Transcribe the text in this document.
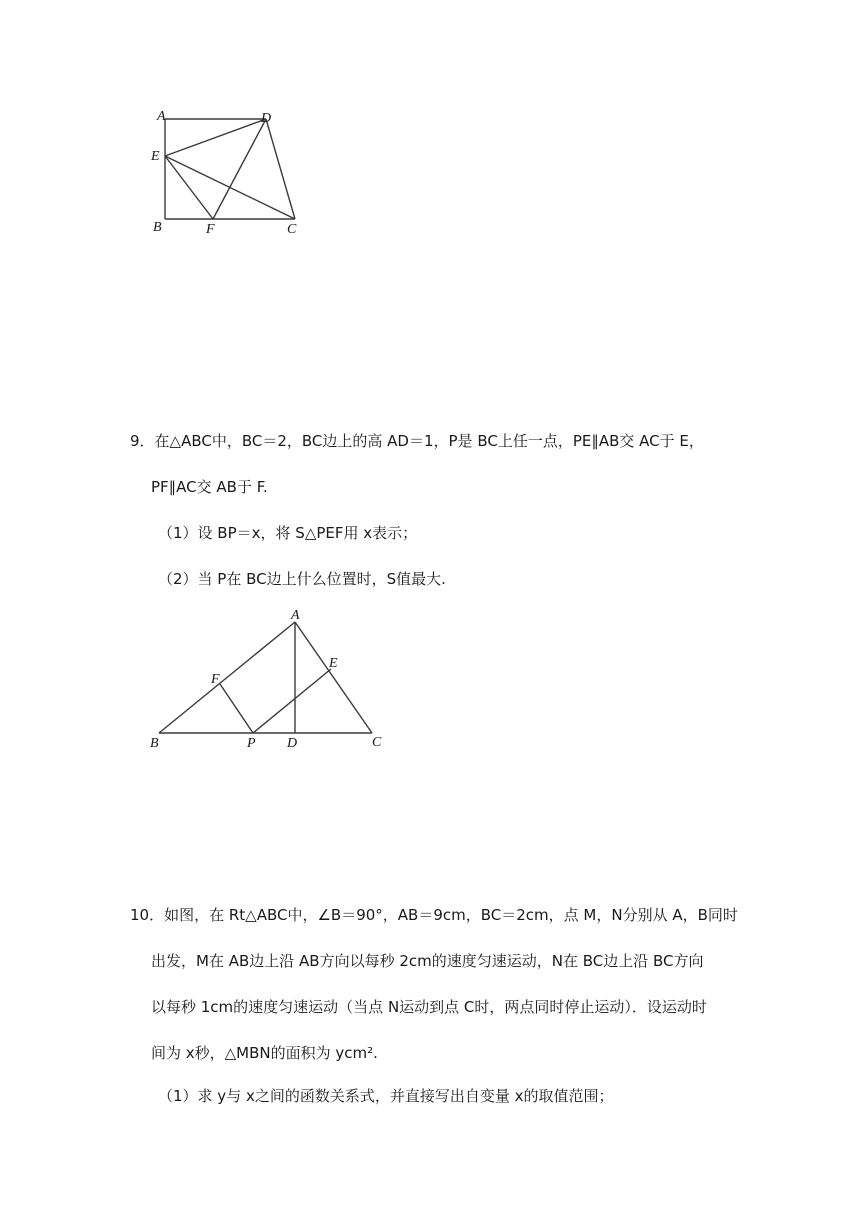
A	D
E
B	F	C
9．在△ABC中，BC＝2，BC边上的高 AD＝1，P是 BC上任一点，PE∥AB交 AC于 E，
PF∥AC交 AB于 F.
（1）设 BP＝x，将 S△PEF用 x表示；
（2）当 P在 BC边上什么位置时，S值最大.
A
F
E
B	P D	C
10．如图，在 Rt△ABC中，∠B＝90°，AB＝9cm，BC＝2cm，点 M，N分别从 A，B同时
出发，M在 AB边上沿 AB方向以每秒 2cm的速度匀速运动，N在 BC边上沿 BC方向
以每秒 1cm的速度匀速运动（当点 N运动到点 C时，两点同时停止运动）．设运动时
间为 x秒，△MBN的面积为 ycm².
（1）求 y与 x之间的函数关系式，并直接写出自变量 x的取值范围；
